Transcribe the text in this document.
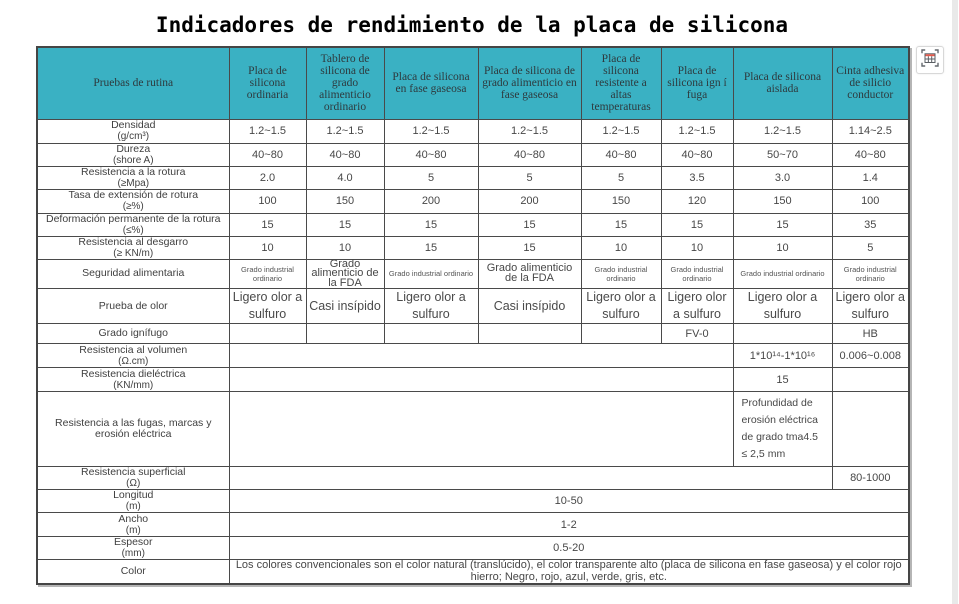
Indicadores de rendimiento de la placa de silicona
Pruebas de rutina	Placa de silicona ordinaria	Tablero de silicona de grado alimenticio ordinario	Placa de silicona en fase gaseosa	Placa de silicona de grado alimenticio en fase gaseosa	Placa de silicona resistente a altas temperaturas	Placa de silicona ign í fuga	Placa de silicona aislada	Cinta adhesiva de silicio conductor

Densidad
(g/cm³)	1.2~1.5	1.2~1.5	1.2~1.5	1.2~1.5	1.2~1.5	1.2~1.5	1.2~1.5	1.14~2.5

Dureza
(shore A)	40~80	40~80	40~80	40~80	40~80	40~80	50~70	40~80

Resistencia a la rotura
(≥Mpa)	2.0	4.0	5	5	5	3.5	3.0	1.4

Tasa de extensión de rotura
(≥%)	100	150	200	200	150	120	150	100

Deformación permanente de la rotura
(≤%)	15	15	15	15	15	15	15	35

Resistencia al desgarro
(≥ KN/m)	10	10	15	15	10	10	10	5

Seguridad alimentaria	Grado industrial ordinario	Grado alimenticio de la FDA	Grado industrial ordinario	Grado alimenticio de la FDA	Grado industrial ordinario	Grado industrial ordinario	Grado industrial ordinario	Grado industrial ordinario

Prueba de olor	Ligero olor a sulfuro	Casi insípido	Ligero olor a sulfuro	Casi insípido	Ligero olor a sulfuro	Ligero olor a sulfuro	Ligero olor a sulfuro	Ligero olor a sulfuro

Grado ignífugo						FV-0		HB

Resistencia al volumen
(Ω.cm)							1*10¹⁴-1*10¹⁶	0.006~0.008

Resistencia dieléctrica
(KN/mm)							15	

Resistencia a las fugas, marcas y erosión eléctrica							Profundidad de erosión eléctrica de grado tma4.5 ≤ 2,5 mm	

Resistencia superficial
(Ω)								80-1000

Longitud
(m)	10-50							

Ancho
(m)	1-2							

Espesor
(mm)	0.5-20							

Color	Los colores convencionales son el color natural (translúcido), el color transparente alto (placa de silicona en fase gaseosa) y el color rojo hierro; Negro, rojo, azul, verde, gris, etc.							
